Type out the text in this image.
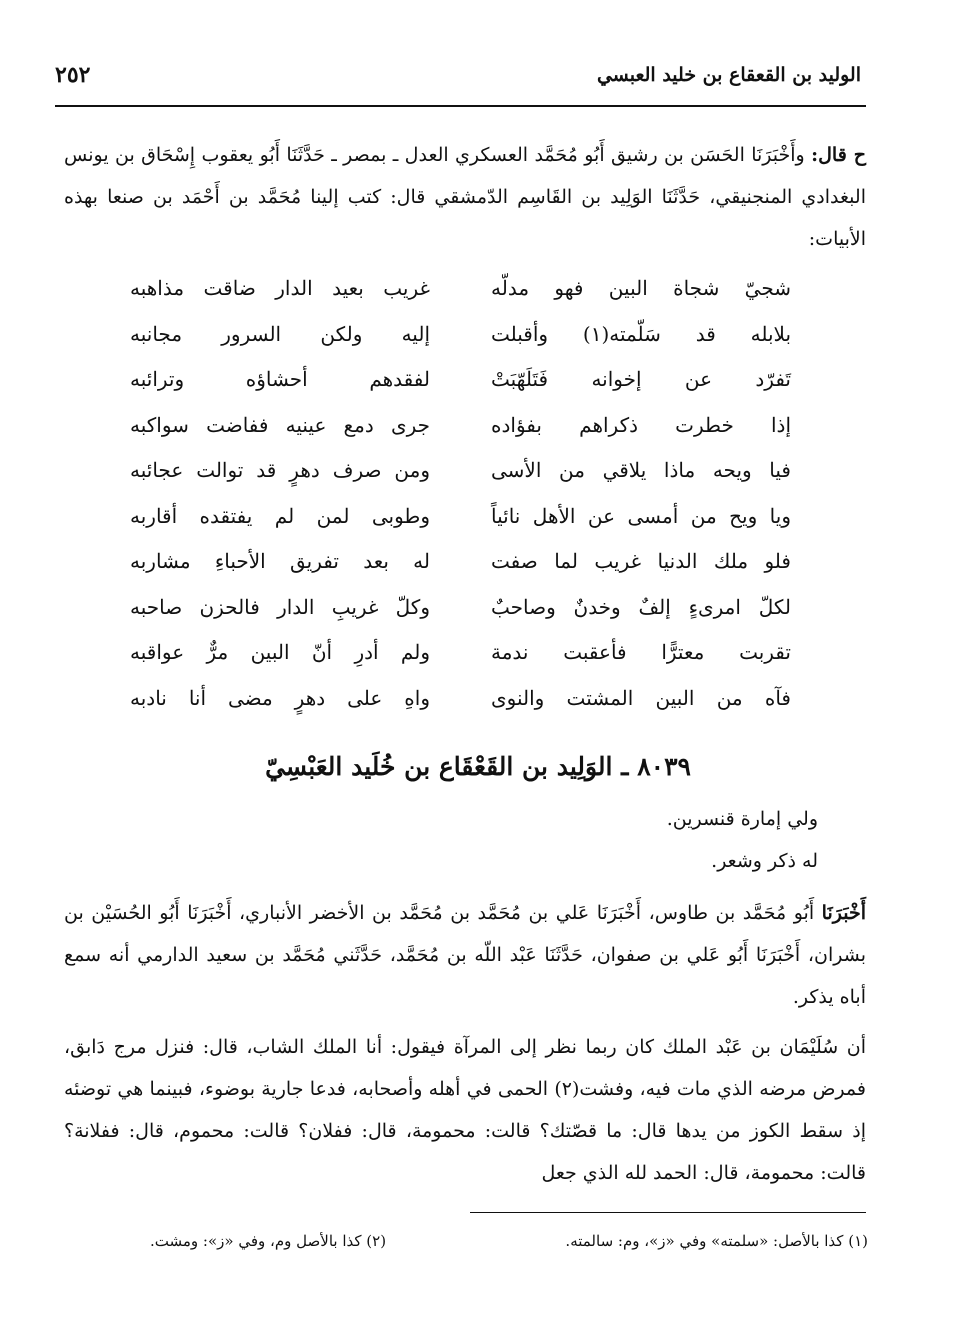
الوليد بن القعقاع بن خليد العبسي
٢٥٢

ح قال: وأَخْبَرَنَا الحَسَن بن رشيق أَبُو مُحَمَّد العسكري العدل ـ بمصر ـ حَدَّثَنَا أَبُو يعقوب إِسْحَاق بن يونس البغدادي المنجنيقي، حَدَّثَنَا الوَلِيد بن القَاسِم الدّمشقي قال: كتب إلينا مُحَمَّد بن أَحْمَد بن صنعا بهذه الأبيات:

شجيّ شجاة البين فهو مدلّه
غريب بعيد الدار ضاقت مذاهبه
بلابله قد سَلّمته(١) وأقبلت
إليه ولكن السرور مجانبه
تَفرّد عن إخوانه فَتَلَهّبَتْ
لفقدهم أحشاؤه وترائبه
إذا خطرت ذكراهم بفؤاده
جرى دمع عينيه ففاضت سواكبه
فيا ويحه ماذا يلاقي من الأسى
ومن صرف دهرٍ قد توالت عجائبه
ويا ويح من أمسى عن الأهل نائياً
وطوبى لمن لم يفتقده أقاربه
فلو ملك الدنيا غريب لما صفت
له بعد تفريق الأحباءِ مشاربه
لكلّ امرىءٍ إلفٌ وخدنٌ وصاحبٌ
وكلّ غريبِ الدار فالحزن صاحبه
تقربت معترًّا فأعقبت ندمة
ولم أدرِ أنّ البين مرٌّ عواقبه
فآه من البين المشتت والنوى
واهِ على دهرٍ مضى أنا نادبه
٨٠٣٩ ـ الوَلِيد بن القَعْقَاع بن خُلَيد العَبْسِيّ
ولي إمارة قنسرين.
له ذكر وشعر.

أَخْبَرَنَا أَبُو مُحَمَّد بن طاوس، أَخْبَرَنَا عَلي بن مُحَمَّد بن مُحَمَّد بن الأخضر الأنباري، أَخْبَرَنَا أَبُو الحُسَيْن بن بشران، أَخْبَرَنَا أَبُو عَلي بن صفوان، حَدَّثَنَا عَبْد اللّه بن مُحَمَّد، حَدَّثَني مُحَمَّد بن سعيد الدارمي أنه سمع أباه يذكر.

أن سُلَيْمَان بن عَبْد الملك كان ربما نظر إلى المرآة فيقول: أنا الملك الشاب، قال: فنزل مرج دَابق، فمرض مرضه الذي مات فيه، وفشت(٢) الحمى في أهله وأصحابه، فدعا جارية بوضوء، فبينما هي توضئه إذ سقط الكوز من يدها قال: ما قصّتك؟ قالت: محمومة، قال: ففلان؟ قالت: محموم، قال: ففلانة؟ قالت: محمومة، قال: الحمد لله الذي جعل

(١) كذا بالأصل: «سلمته» وفي «ز»، وم: سالمته.
(٢) كذا بالأصل وم، وفي «ز»: ومشت.
